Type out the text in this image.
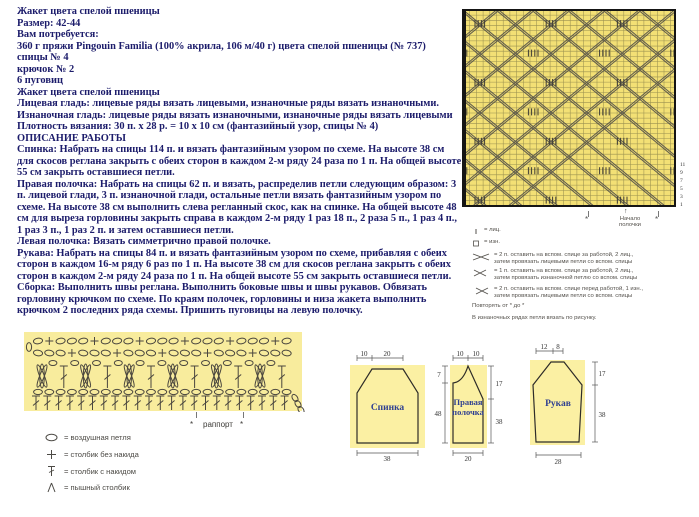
Жакет цвета спелой пшеницы

Размер: 42-44

Вам потребуется:

360 г пряжи Pingouin Familia (100% акрила, 106 м/40 г) цвета спелой пшеницы (№ 737)

спицы № 4

крючок № 2

6 пуговиц

Жакет цвета спелой пшеницы

Лицевая гладь: лицевые ряды вязать лицевыми, изнаночные ряды вязать изнаночными.

Изнаночная гладь: лицевые ряды вязать изнаночными, изнаночные ряды вязать лицевыми

Плотность вязания: 30 п. х 28 р. = 10 х 10 см (фантазийный узор, спицы № 4)

ОПИСАНИЕ РАБОТЫ

Спинка: Набрать на спицы 114 п. и вязать фантазийным узором по схеме. На высоте 38 см для скосов реглана закрыть с обеих сторон в каждом 2-м ряду 24 раза по 1 п. На общей высоте 55 см закрыть оставшиеся петли.

Правая полочка: Набрать на спицы 62 п. и вязать, распределив петли следующим образом: 3 п. лицевой глади, 3 п. изнаночной глади, остальные петли вязать фантазийным узором по схеме. На высоте 38 см выполнить слева регланный скос, как на спинке. На общей высоте 48 см для выреза горловины закрыть справа в каждом 2-м ряду 1 раз 18 п., 2 раза 5 п., 1 раз 4 п., 1 раз 3 п., 1 раз 2 п. и затем оставшиеся петли.

Левая полочка: Вязать симметрично правой полочке.

Рукава: Набрать на спицы 84 п. и вязать фантазийным узором по схеме, прибавляя с обеих сторон в каждом 16-м ряду 6 раз по 1 п. На высоте 38 см для скосов реглана закрыть с обеих сторон в каждом 2-м ряду 24 раза по 1 п. На общей высоте 55 см закрыть оставшиеся петли.

Сборка: Выполнить швы реглана. Выполнить боковые швы и швы рукавов. Обвязать горловину крючком по схеме. По краям полочек, горловины и низа жакета выполнить крючком 2 последних ряда схемы. Пришить пуговицы на левую полочку.

11
9
7
5
3
1
*
↑
Начало
полочки
*
= лиц.
= изн.
= 2 п. оставить на вспом. спице за работой, 2 лиц.,
затем провязать лицевыми петли со вспом. спицы
= 1 п. оставить на вспом. спице за работой, 2 лиц.,
затем провязать изнаночной петлю со вспом. спицы
= 2 п. оставить на вспом. спице перед работой, 1 изн.,
затем провязать лицевыми петли со вспом. спицы
Повторять от * до *
В изнаночных рядах петли вязать по рисунку.
* раппорт *
= воздушная петля
= столбик без накида
= столбик с накидом
= пышный столбик
10 20
38
Спинка
10 10
7
48
17
38
20
Правая
полочка
12 8
17
38
28
Рукав
